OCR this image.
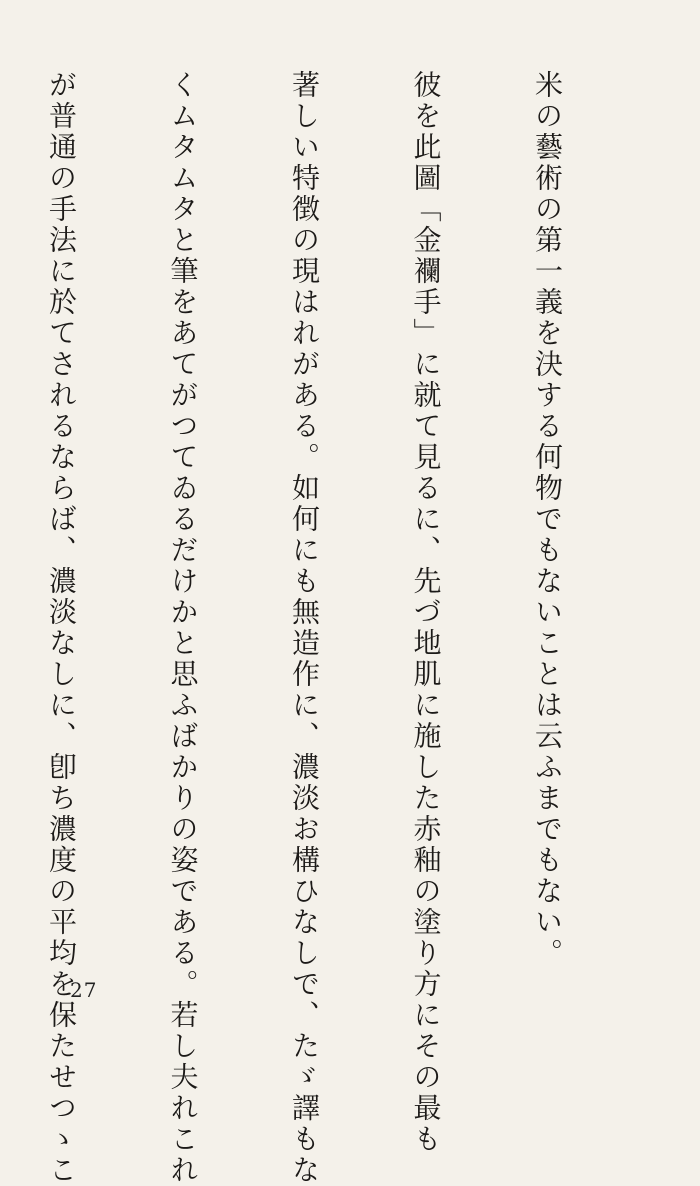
米の藝術の第一義を決する何物でもないことは云ふまでもない。

彼を此圖「金襴手」に就て見るに、先づ地肌に施した赤釉の塗り方にその最も

著しい特徴の現はれがある。如何にも無造作に、濃淡お構ひなしで、たゞ譯もな

くムタムタと筆をあてがつてゐるだけかと思ふばかりの姿である。若し夫れこれ

が普通の手法に於てされるならば、濃淡なしに、卽ち濃度の平均を保たせつゝこ

27
